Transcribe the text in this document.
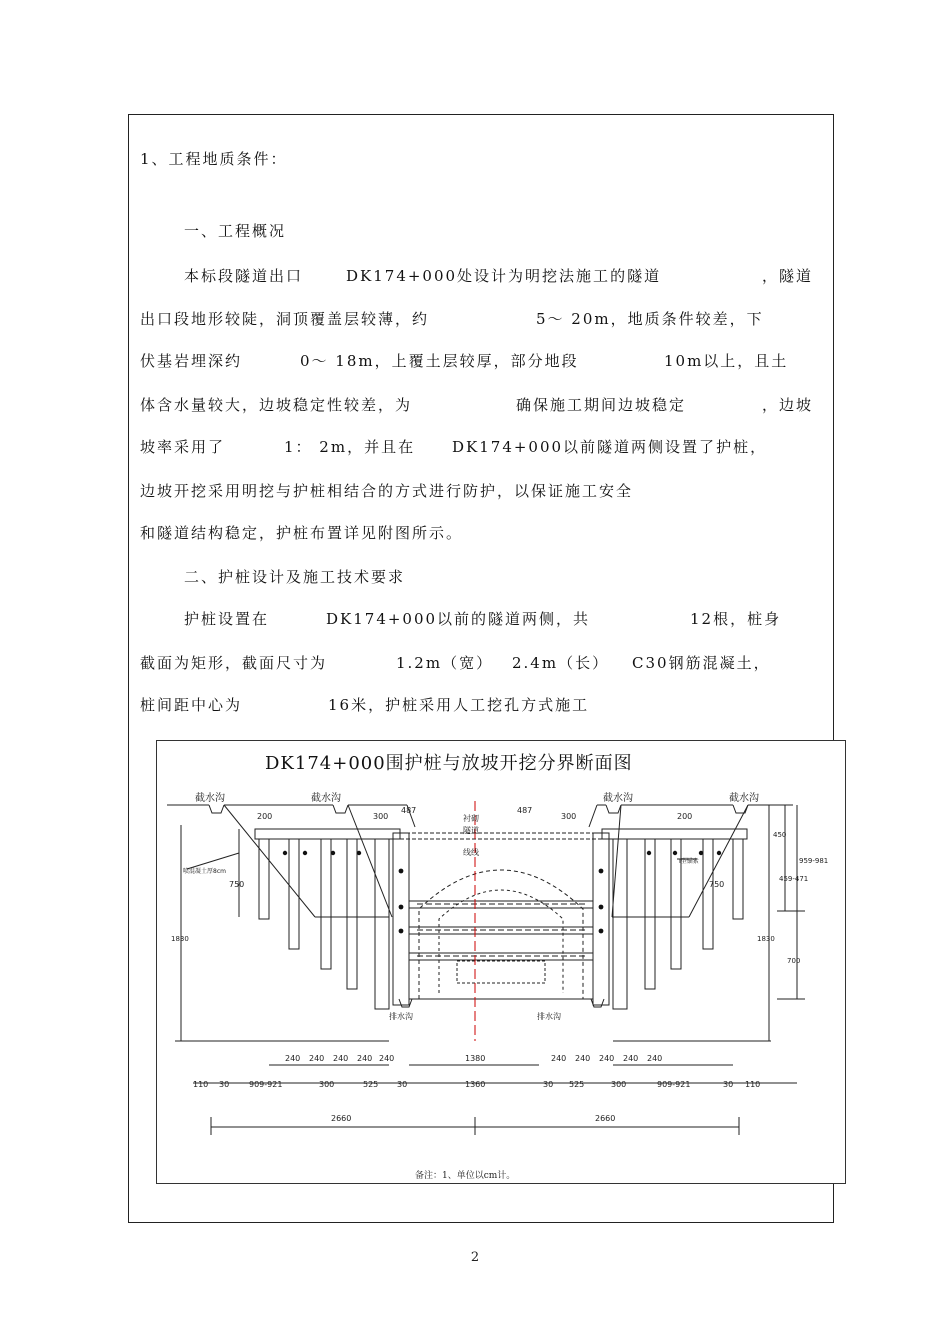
1、工程地质条件：
一、工程概况
本标段隧道出口	DK174+000处设计为明挖法施工的隧道	，隧道
出口段地形较陡，洞顶覆盖层较薄，约	5～ 20m，地质条件较差，下
伏基岩埋深约	0～ 18m，上覆土层较厚，部分地段	10m以上，且土
体含水量较大，边坡稳定性较差，为	确保施工期间边坡稳定	，边坡
坡率采用了	1： 2m，并且在 DK174+000以前隧道两侧设置了护桩，
边坡开挖采用明挖与护桩相结合的方式进行防护，以保证施工安全
和隧道结构稳定，护桩布置详见附图所示。
二、护桩设计及施工技术要求
护桩设置在	DK174+000以前的隧道两侧，共	12根，桩身
截面为矩形，截面尺寸为	1.2m（宽） 2.4m（长） C30钢筋混凝土，
桩间距中心为	16米，护桩采用人工挖孔方式施工
DK174+000围护桩与放坡开挖分界断面图
截水沟	截水沟	截水沟	截水沟
排水沟	排水沟
衬砌
隧道
线线
喷混凝土厚8cm
I型锚索
200	300
487	487
300	200
750	750
450
459-471
959-981
700
1830	1830
240 240 240 240 240	1380	240 240 240 240 240
110 30 909-921	300	525 30	1360	30 525	300	909-921	30 110
2660	2660
备注：1、单位以cm计。
2
